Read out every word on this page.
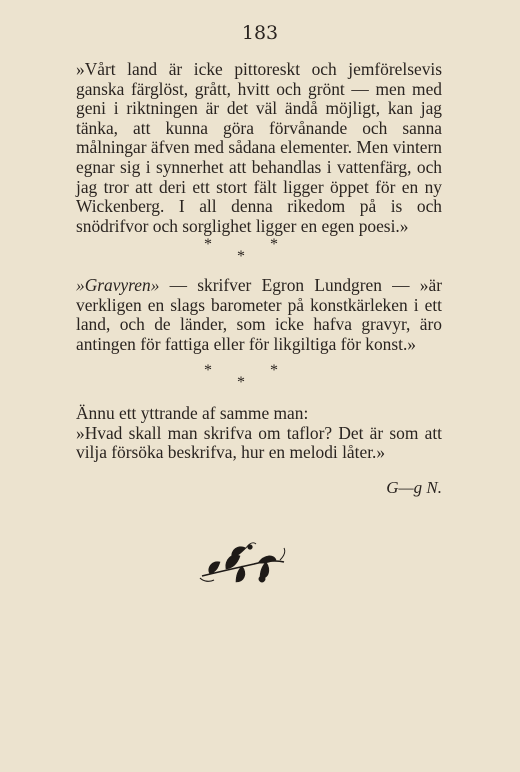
183
»Vårt land är icke pittoreskt och jemförelsevis ganska färglöst, grått, hvitt och grönt — men med geni i riktningen är det väl ändå möjligt, kan jag tänka, att kunna göra förvånande och sanna målningar äfven med sådana elementer. Men vintern egnar sig i synnerhet att behandlas i vattenfärg, och jag tror att deri ett stort fält ligger öppet för en ny Wickenberg. I all denna rikedom på is och snödrifvor och sorglighet ligger en egen poesi.»
*	*
*
»Gravyren» — skrifver Egron Lundgren — »är verkligen en slags barometer på konstkärleken i ett land, och de länder, som icke hafva gravyr, äro antingen för fattiga eller för likgiltiga för konst.»
*	*
*

Ännu ett yttrande af samme man:

»Hvad skall man skrifva om taflor? Det är som att vilja försöka beskrifva, hur en melodi låter.»

G—g N.
